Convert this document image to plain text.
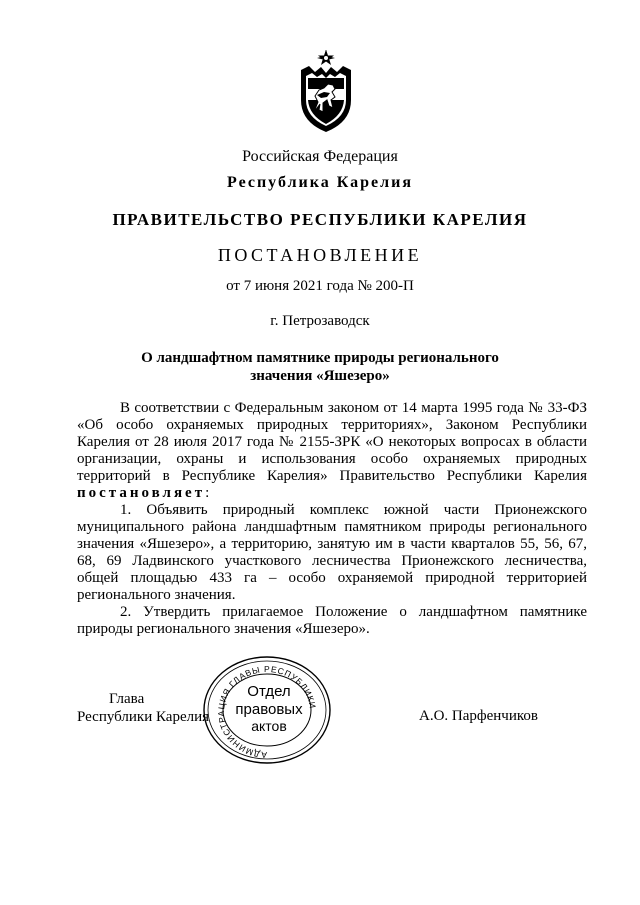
Российская Федерация
Республика Карелия
ПРАВИТЕЛЬСТВО РЕСПУБЛИКИ КАРЕЛИЯ
ПОСТАНОВЛЕНИЕ
от 7 июня 2021 года № 200-П
г. Петрозаводск
О ландшафтном памятнике природы регионального
значения «Яшезеро»

В соответствии с Федеральным законом от 14 марта 1995 года № 33-ФЗ «Об особо охраняемых природных территориях», Законом Республики Карелия от 28 июля 2017 года № 2155-ЗРК «О некоторых вопросах в области организации, охраны и использования особо охраняемых природных территорий в Республике Карелия» Правительство Республики Карелия постановляет:

1. Объявить природный комплекс южной части Прионежского муниципального района ландшафтным памятником природы регионального значения «Яшезеро», а территорию, занятую им в части кварталов 55, 56, 67, 68, 69 Ладвинского участкового лесничества Прионежского лесничества, общей площадью 433 га – особо охраняемой природной территорией регионального значения.

2. Утвердить прилагаемое Положение о ландшафтном памятнике природы регионального значения «Яшезеро».

Глава
Республики Карелия
АДМИНИСТРАЦИЯ ГЛАВЫ РЕСПУБЛИКИ
Отдел
правовых
актов
А.О. Парфенчиков
